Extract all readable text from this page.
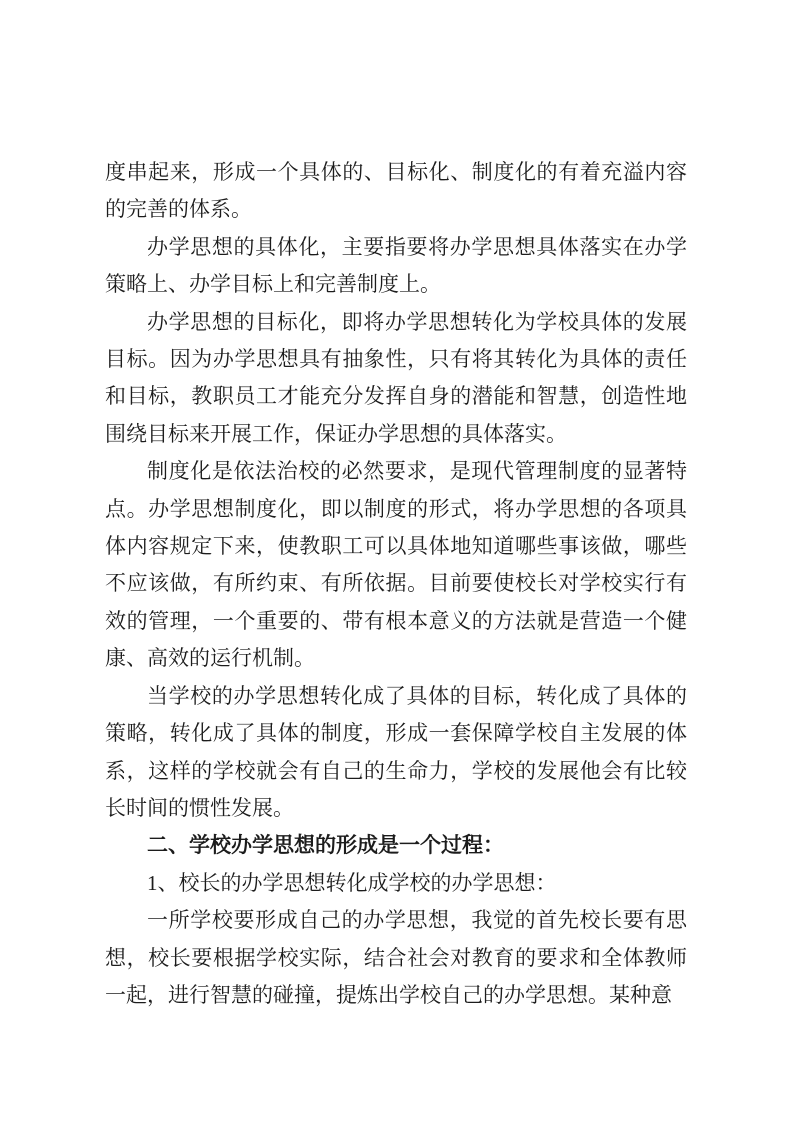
度串起来，形成一个具体的、目标化、制度化的有着充溢内容的完善的体系。

办学思想的具体化，主要指要将办学思想具体落实在办学策略上、办学目标上和完善制度上。

办学思想的目标化，即将办学思想转化为学校具体的发展目标。因为办学思想具有抽象性，只有将其转化为具体的责任和目标，教职员工才能充分发挥自身的潜能和智慧，创造性地围绕目标来开展工作，保证办学思想的具体落实。

制度化是依法治校的必然要求，是现代管理制度的显著特点。办学思想制度化，即以制度的形式，将办学思想的各项具体内容规定下来，使教职工可以具体地知道哪些事该做，哪些不应该做，有所约束、有所依据。目前要使校长对学校实行有效的管理，一个重要的、带有根本意义的方法就是营造一个健康、高效的运行机制。

当学校的办学思想转化成了具体的目标，转化成了具体的策略，转化成了具体的制度，形成一套保障学校自主发展的体系，这样的学校就会有自己的生命力，学校的发展他会有比较长时间的惯性发展。

二、学校办学思想的形成是一个过程：

1、校长的办学思想转化成学校的办学思想：

一所学校要形成自己的办学思想，我觉的首先校长要有思想，校长要根据学校实际，结合社会对教育的要求和全体教师一起，进行智慧的碰撞，提炼出学校自己的办学思想。某种意
